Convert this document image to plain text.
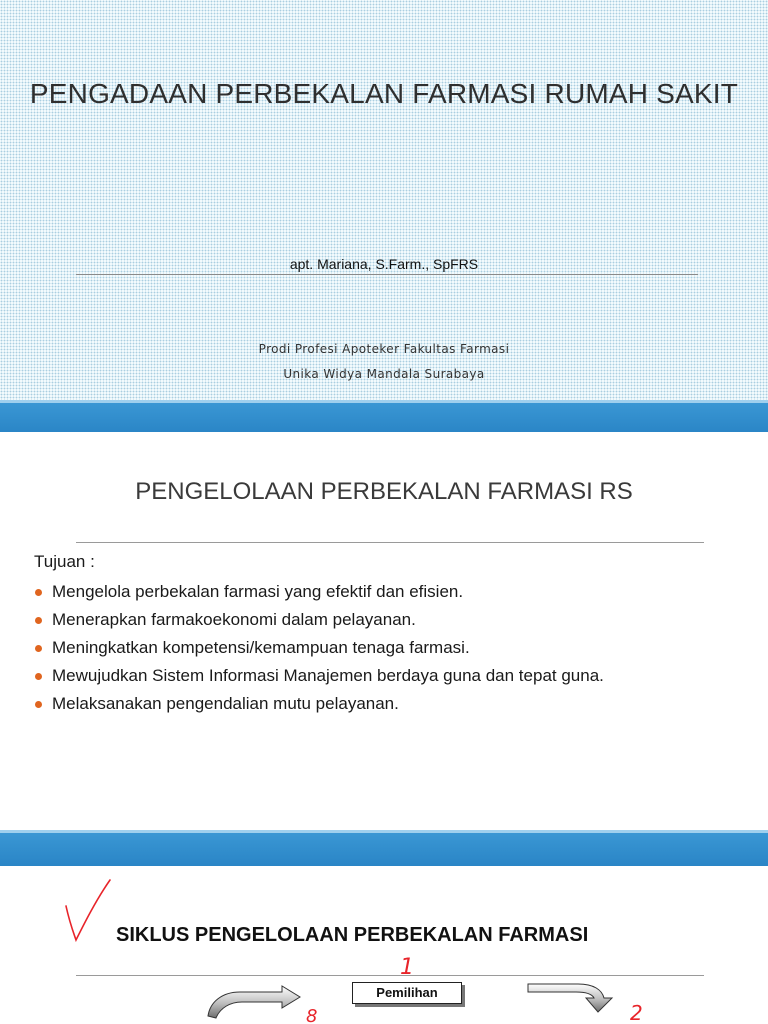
PENGADAAN PERBEKALAN FARMASI RUMAH SAKIT
apt. Mariana, S.Farm., SpFRS
Prodi Profesi Apoteker Fakultas Farmasi
Unika Widya Mandala Surabaya
PENGELOLAAN PERBEKALAN FARMASI RS
Tujuan :
Mengelola perbekalan farmasi yang efektif dan efisien.
Menerapkan farmakoekonomi dalam pelayanan.
Meningkatkan kompetensi/kemampuan tenaga farmasi.
Mewujudkan Sistem Informasi Manajemen berdaya guna dan tepat guna.
Melaksanakan pengendalian mutu pelayanan.
1
8	2
SIKLUS PENGELOLAAN PERBEKALAN FARMASI
Pemilihan
